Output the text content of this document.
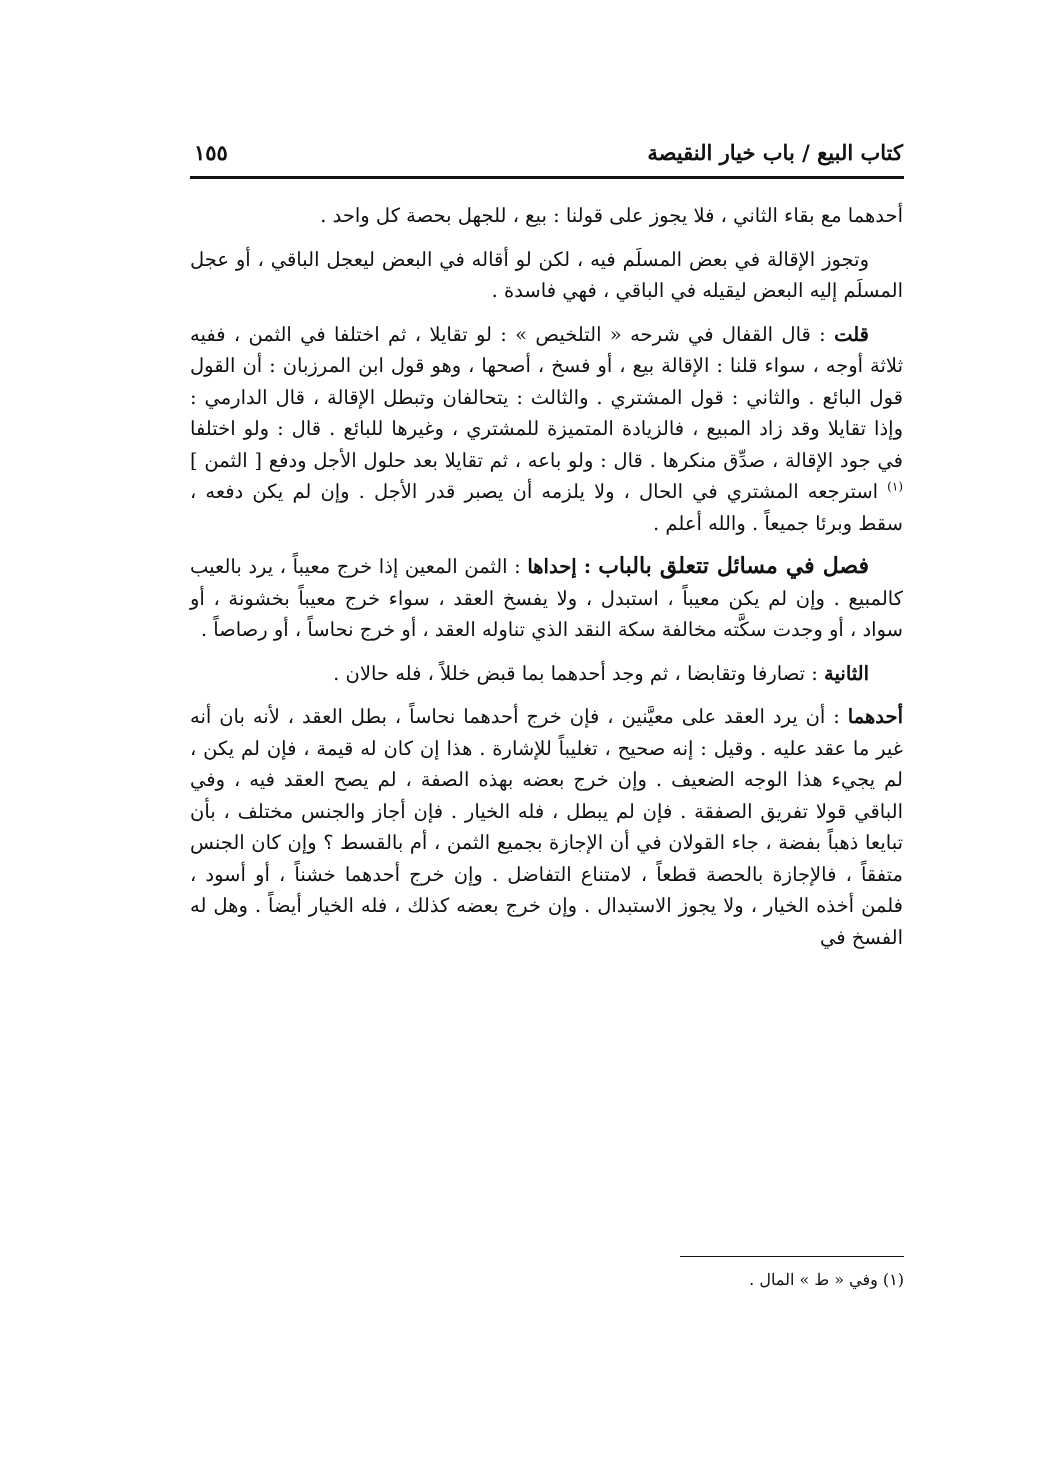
كتاب البيع / باب خيار النقيصة
١٥٥

أحدهما مع بقاء الثاني ، فلا يجوز على قولنا : بيع ، للجهل بحصة كل واحد .

وتجوز الإقالة في بعض المسلَم فيه ، لكن لو أقاله في البعض ليعجل الباقي ، أو عجل المسلَم إليه البعض ليقيله في الباقي ، فهي فاسدة .

قلت : قال القفال في شرحه « التلخيص » : لو تقايلا ، ثم اختلفا في الثمن ، ففيه ثلاثة أوجه ، سواء قلنا : الإقالة بيع ، أو فسخ ، أصحها ، وهو قول ابن المرزبان : أن القول قول البائع . والثاني : قول المشتري . والثالث : يتحالفان وتبطل الإقالة ، قال الدارمي : وإذا تقايلا وقد زاد المبيع ، فالزيادة المتميزة للمشتري ، وغيرها للبائع . قال : ولو اختلفا في جود الإقالة ، صدِّق منكرها . قال : ولو باعه ، ثم تقايلا بعد حلول الأجل ودفع [ الثمن ]$^{(١)}$ استرجعه المشتري في الحال ، ولا يلزمه أن يصبر قدر الأجل . وإن لم يكن دفعه ، سقط وبرئا جميعاً . والله أعلم .

فصل في مسائل تتعلق بالباب : إحداها : الثمن المعين إذا خرج معيباً ، يرد بالعيب كالمبيع . وإن لم يكن معيباً ، استبدل ، ولا يفسخ العقد ، سواء خرج معيباً بخشونة ، أو سواد ، أو وجدت سكَّته مخالفة سكة النقد الذي تناوله العقد ، أو خرج نحاساً ، أو رصاصاً .

الثانية : تصارفا وتقابضا ، ثم وجد أحدهما بما قبض خللاً ، فله حالان .

أحدهما : أن يرد العقد على معيَّنين ، فإن خرج أحدهما نحاساً ، بطل العقد ، لأنه بان أنه غير ما عقد عليه . وقيل : إنه صحيح ، تغليباً للإشارة . هذا إن كان له قيمة ، فإن لم يكن ، لم يجيء هذا الوجه الضعيف . وإن خرج بعضه بهذه الصفة ، لم يصح العقد فيه ، وفي الباقي قولا تفريق الصفقة . فإن لم يبطل ، فله الخيار . فإن أجاز والجنس مختلف ، بأن تبايعا ذهباً بفضة ، جاء القولان في أن الإجازة بجميع الثمن ، أم بالقسط ؟ وإن كان الجنس متفقاً ، فالإجازة بالحصة قطعاً ، لامتناع التفاضل . وإن خرج أحدهما خشناً ، أو أسود ، فلمن أخذه الخيار ، ولا يجوز الاستبدال . وإن خرج بعضه كذلك ، فله الخيار أيضاً . وهل له الفسخ في

(١) وفي « ط » المال .
